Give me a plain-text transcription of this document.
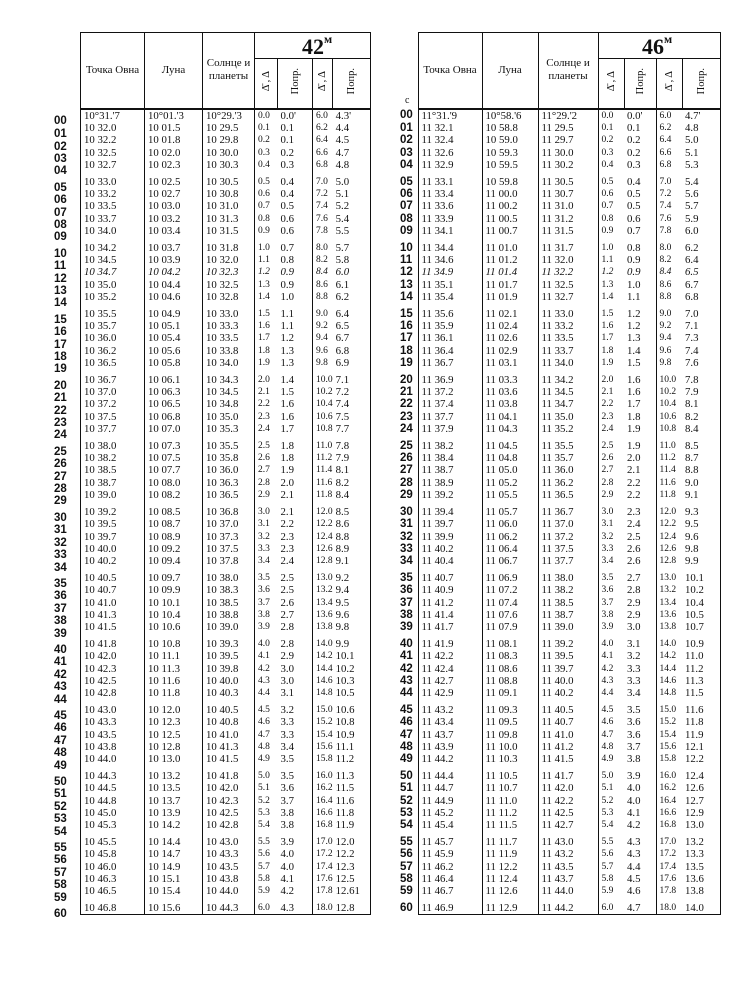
$42^м$
	Точка Овна	Луна	Солнце и планеты				
				Δ̄ , Δ	Попр.	Δ̄ , Δ	Попр.

00	10°31.'7	10°01.'3	10°29.'3	0.0	0.0'	6.0	4.3'

01	10 32.0	10 01.5	10 29.5	0.1	0.1	6.2	4.4

02	10 32.2	10 01.8	10 29.8	0.2	0.1	6.4	4.5

03	10 32.5	10 02.0	10 30.0	0.3	0.2	6.6	4.7

04	10 32.7	10 02.3	10 30.3	0.4	0.3	6.8	4.8

05	10 33.0	10 02.5	10 30.5	0.5	0.4	7.0	5.0

06	10 33.2	10 02.7	10 30.8	0.6	0.4	7.2	5.1

07	10 33.5	10 03.0	10 31.0	0.7	0.5	7.4	5.2

08	10 33.7	10 03.2	10 31.3	0.8	0.6	7.6	5.4

09	10 34.0	10 03.4	10 31.5	0.9	0.6	7.8	5.5

10	10 34.2	10 03.7	10 31.8	1.0	0.7	8.0	5.7

11	10 34.5	10 03.9	10 32.0	1.1	0.8	8.2	5.8

12	10 34.7	10 04.2	10 32.3	1.2	0.9	8.4	6.0

13	10 35.0	10 04.4	10 32.5	1.3	0.9	8.6	6.1

14	10 35.2	10 04.6	10 32.8	1.4	1.0	8.8	6.2

15	10 35.5	10 04.9	10 33.0	1.5	1.1	9.0	6.4

16	10 35.7	10 05.1	10 33.3	1.6	1.1	9.2	6.5

17	10 36.0	10 05.4	10 33.5	1.7	1.2	9.4	6.7

18	10 36.2	10 05.6	10 33.8	1.8	1.3	9.6	6.8

19	10 36.5	10 05.8	10 34.0	1.9	1.3	9.8	6.9

20	10 36.7	10 06.1	10 34.3	2.0	1.4	10.0	7.1

21	10 37.0	10 06.3	10 34.5	2.1	1.5	10.2	7.2

22	10 37.2	10 06.5	10 34.8	2.2	1.6	10.4	7.4

23	10 37.5	10 06.8	10 35.0	2.3	1.6	10.6	7.5

24	10 37.7	10 07.0	10 35.3	2.4	1.7	10.8	7.7

25	10 38.0	10 07.3	10 35.5	2.5	1.8	11.0	7.8

26	10 38.2	10 07.5	10 35.8	2.6	1.8	11.2	7.9

27	10 38.5	10 07.7	10 36.0	2.7	1.9	11.4	8.1

28	10 38.7	10 08.0	10 36.3	2.8	2.0	11.6	8.2

29	10 39.0	10 08.2	10 36.5	2.9	2.1	11.8	8.4

30	10 39.2	10 08.5	10 36.8	3.0	2.1	12.0	8.5

31	10 39.5	10 08.7	10 37.0	3.1	2.2	12.2	8.6

32	10 39.7	10 08.9	10 37.3	3.2	2.3	12.4	8.8

33	10 40.0	10 09.2	10 37.5	3.3	2.3	12.6	8.9

34	10 40.2	10 09.4	10 37.8	3.4	2.4	12.8	9.1

35	10 40.5	10 09.7	10 38.0	3.5	2.5	13.0	9.2

36	10 40.7	10 09.9	10 38.3	3.6	2.5	13.2	9.4

37	10 41.0	10 10.1	10 38.5	3.7	2.6	13.4	9.5

38	10 41.3	10 10.4	10 38.8	3.8	2.7	13.6	9.6

39	10 41.5	10 10.6	10 39.0	3.9	2.8	13.8	9.8

40	10 41.8	10 10.8	10 39.3	4.0	2.8	14.0	9.9

41	10 42.0	10 11.1	10 39.5	4.1	2.9	14.2	10.1

42	10 42.3	10 11.3	10 39.8	4.2	3.0	14.4	10.2

43	10 42.5	10 11.6	10 40.0	4.3	3.0	14.6	10.3

44	10 42.8	10 11.8	10 40.3	4.4	3.1	14.8	10.5

45	10 43.0	10 12.0	10 40.5	4.5	3.2	15.0	10.6

46	10 43.3	10 12.3	10 40.8	4.6	3.3	15.2	10.8

47	10 43.5	10 12.5	10 41.0	4.7	3.3	15.4	10.9

48	10 43.8	10 12.8	10 41.3	4.8	3.4	15.6	11.1

49	10 44.0	10 13.0	10 41.5	4.9	3.5	15.8	11.2

50	10 44.3	10 13.2	10 41.8	5.0	3.5	16.0	11.3

51	10 44.5	10 13.5	10 42.0	5.1	3.6	16.2	11.5

52	10 44.8	10 13.7	10 42.3	5.2	3.7	16.4	11.6

53	10 45.0	10 13.9	10 42.5	5.3	3.8	16.6	11.8

54	10 45.3	10 14.2	10 42.8	5.4	3.8	16.8	11.9

55	10 45.5	10 14.4	10 43.0	5.5	3.9	17.0	12.0

56	10 45.8	10 14.7	10 43.3	5.6	4.0	17.2	12.2

57	10 46.0	10 14.9	10 43.5	5.7	4.0	17.4	12.3

58	10 46.3	10 15.1	10 43.8	5.8	4.1	17.6	12.5

59	10 46.5	10 15.4	10 44.0	5.9	4.2	17.8	12.61

60	10 46.8	10 15.6	10 44.3	6.0	4.3	18.0	12.8
$46^м$
с
	Точка Овна	Луна	Солнце и планеты				
				Δ̄ , Δ	Попр.	Δ̄ , Δ	Попр.
00	11°31.'9	10°58.'6	11°29.'2	0.0	0.0'	6.0	4.7'
01	11 32.1	10 58.8	11 29.5	0.1	0.1	6.2	4.8
02	11 32.4	10 59.0	11 29.7	0.2	0.2	6.4	5.0
03	11 32.6	10 59.3	11 30.0	0.3	0.2	6.6	5.1
04	11 32.9	10 59.5	11 30.2	0.4	0.3	6.8	5.3
05	11 33.1	10 59.8	11 30.5	0.5	0.4	7.0	5.4
06	11 33.4	11 00.0	11 30.7	0.6	0.5	7.2	5.6
07	11 33.6	11 00.2	11 31.0	0.7	0.5	7.4	5.7
08	11 33.9	11 00.5	11 31.2	0.8	0.6	7.6	5.9
09	11 34.1	11 00.7	11 31.5	0.9	0.7	7.8	6.0
10	11 34.4	11 01.0	11 31.7	1.0	0.8	8.0	6.2
11	11 34.6	11 01.2	11 32.0	1.1	0.9	8.2	6.4
12	11 34.9	11 01.4	11 32.2	1.2	0.9	8.4	6.5
13	11 35.1	11 01.7	11 32.5	1.3	1.0	8.6	6.7
14	11 35.4	11 01.9	11 32.7	1.4	1.1	8.8	6.8
15	11 35.6	11 02.1	11 33.0	1.5	1.2	9.0	7.0
16	11 35.9	11 02.4	11 33.2	1.6	1.2	9.2	7.1
17	11 36.1	11 02.6	11 33.5	1.7	1.3	9.4	7.3
18	11 36.4	11 02.9	11 33.7	1.8	1.4	9.6	7.4
19	11 36.7	11 03.1	11 34.0	1.9	1.5	9.8	7.6
20	11 36.9	11 03.3	11 34.2	2.0	1.6	10.0	7.8
21	11 37.2	11 03.6	11 34.5	2.1	1.6	10.2	7.9
22	11 37.4	11 03.8	11 34.7	2.2	1.7	10.4	8.1
23	11 37.7	11 04.1	11 35.0	2.3	1.8	10.6	8.2
24	11 37.9	11 04.3	11 35.2	2.4	1.9	10.8	8.4
25	11 38.2	11 04.5	11 35.5	2.5	1.9	11.0	8.5
26	11 38.4	11 04.8	11 35.7	2.6	2.0	11.2	8.7
27	11 38.7	11 05.0	11 36.0	2.7	2.1	11.4	8.8
28	11 38.9	11 05.2	11 36.2	2.8	2.2	11.6	9.0
29	11 39.2	11 05.5	11 36.5	2.9	2.2	11.8	9.1
30	11 39.4	11 05.7	11 36.7	3.0	2.3	12.0	9.3
31	11 39.7	11 06.0	11 37.0	3.1	2.4	12.2	9.5
32	11 39.9	11 06.2	11 37.2	3.2	2.5	12.4	9.6
33	11 40.2	11 06.4	11 37.5	3.3	2.6	12.6	9.8
34	11 40.4	11 06.7	11 37.7	3.4	2.6	12.8	9.9
35	11 40.7	11 06.9	11 38.0	3.5	2.7	13.0	10.1
36	11 40.9	11 07.2	11 38.2	3.6	2.8	13.2	10.2
37	11 41.2	11 07.4	11 38.5	3.7	2.9	13.4	10.4
38	11 41.4	11 07.6	11 38.7	3.8	2.9	13.6	10.5
39	11 41.7	11 07.9	11 39.0	3.9	3.0	13.8	10.7
40	11 41.9	11 08.1	11 39.2	4.0	3.1	14.0	10.9
41	11 42.2	11 08.3	11 39.5	4.1	3.2	14.2	11.0
42	11 42.4	11 08.6	11 39.7	4.2	3.3	14.4	11.2
43	11 42.7	11 08.8	11 40.0	4.3	3.3	14.6	11.3
44	11 42.9	11 09.1	11 40.2	4.4	3.4	14.8	11.5
45	11 43.2	11 09.3	11 40.5	4.5	3.5	15.0	11.6
46	11 43.4	11 09.5	11 40.7	4.6	3.6	15.2	11.8
47	11 43.7	11 09.8	11 41.0	4.7	3.6	15.4	11.9
48	11 43.9	11 10.0	11 41.2	4.8	3.7	15.6	12.1
49	11 44.2	11 10.3	11 41.5	4.9	3.8	15.8	12.2
50	11 44.4	11 10.5	11 41.7	5.0	3.9	16.0	12.4
51	11 44.7	11 10.7	11 42.0	5.1	4.0	16.2	12.6
52	11 44.9	11 11.0	11 42.2	5.2	4.0	16.4	12.7
53	11 45.2	11 11.2	11 42.5	5.3	4.1	16.6	12.9
54	11 45.4	11 11.5	11 42.7	5.4	4.2	16.8	13.0
55	11 45.7	11 11.7	11 43.0	5.5	4.3	17.0	13.2
56	11 45.9	11 11.9	11 43.2	5.6	4.3	17.2	13.3
57	11 46.2	11 12.2	11 43.5	5.7	4.4	17.4	13.5
58	11 46.4	11 12.4	11 43.7	5.8	4.5	17.6	13.6
59	11 46.7	11 12.6	11 44.0	5.9	4.6	17.8	13.8
60	11 46.9	11 12.9	11 44.2	6.0	4.7	18.0	14.0
